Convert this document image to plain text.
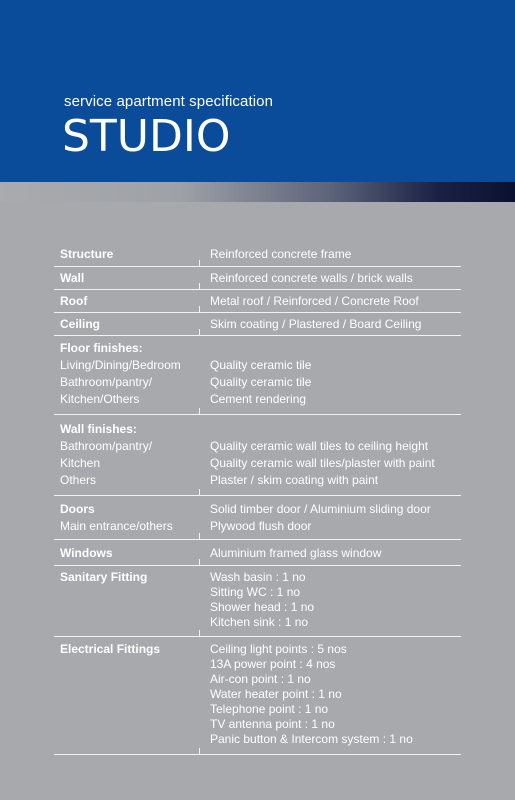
service apartment specification
STUDIO
Structure	Reinforced concrete frame
Wall	Reinforced concrete walls / brick walls
Roof	Metal roof / Reinforced / Concrete Roof
Ceiling	Skim coating / Plastered / Board Ceiling
Floor finishes:
Living/Dining/Bedroom	Quality ceramic tile
Bathroom/pantry/	Quality ceramic tile
Kitchen/Others	Cement rendering
Wall finishes:
Bathroom/pantry/	Quality ceramic wall tiles to ceiling height
Kitchen	Quality ceramic wall tiles/plaster with paint
Others	Plaster / skim coating with paint
Doors	Solid timber door / Aluminium sliding door
Main entrance/others	Plywood flush door
Windows	Aluminium framed glass window
Sanitary Fitting	Wash basin : 1 no
Sitting WC : 1 no
Shower head : 1 no
Kitchen sink : 1 no
Electrical Fittings	Ceiling light points : 5 nos
13A power point : 4 nos
Air-con point : 1 no
Water heater point : 1 no
Telephone point : 1 no
TV antenna point : 1 no
Panic button & Intercom system : 1 no
